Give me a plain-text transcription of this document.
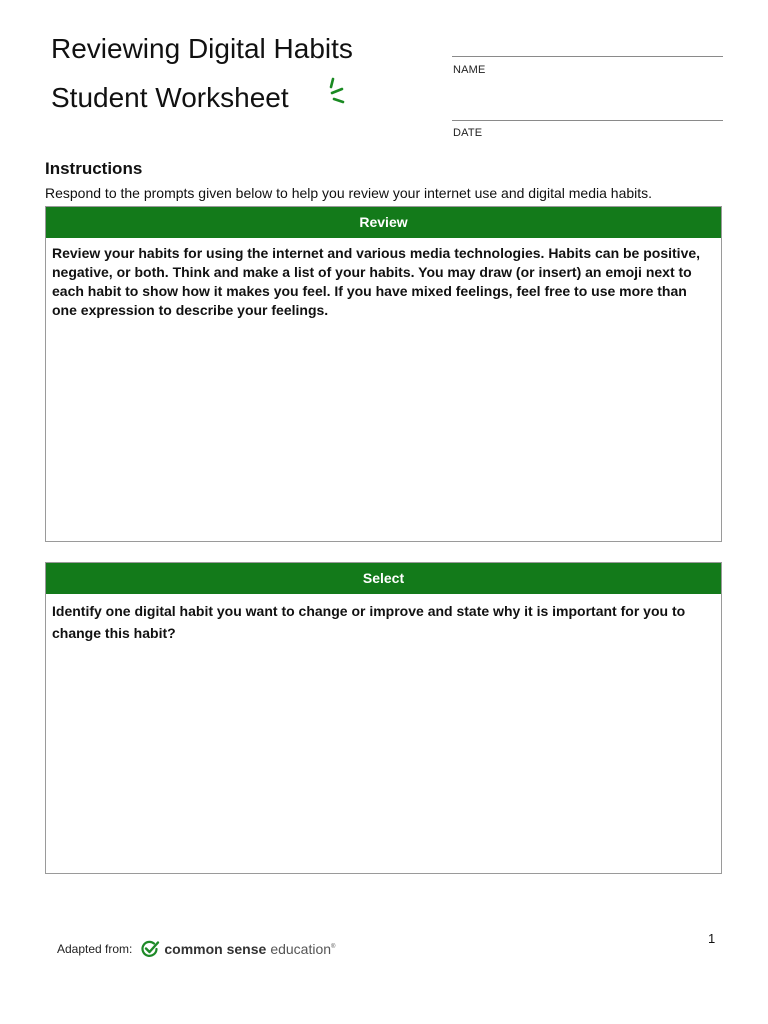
Reviewing Digital Habits
Student Worksheet
NAME
DATE
Instructions
Respond to the prompts given below to help you review your internet use and digital media habits.
Review
Review your habits for using the internet and various media technologies. Habits can be positive, negative, or both. Think and make a list of your habits. You may draw (or insert) an emoji next to each habit to show how it makes you feel. If you have mixed feelings, feel free to use more than one expression to describe your feelings.
Select
Identify one digital habit you want to change or improve and state why it is important for you to change this habit?
1
Adapted from: common sense education ®
